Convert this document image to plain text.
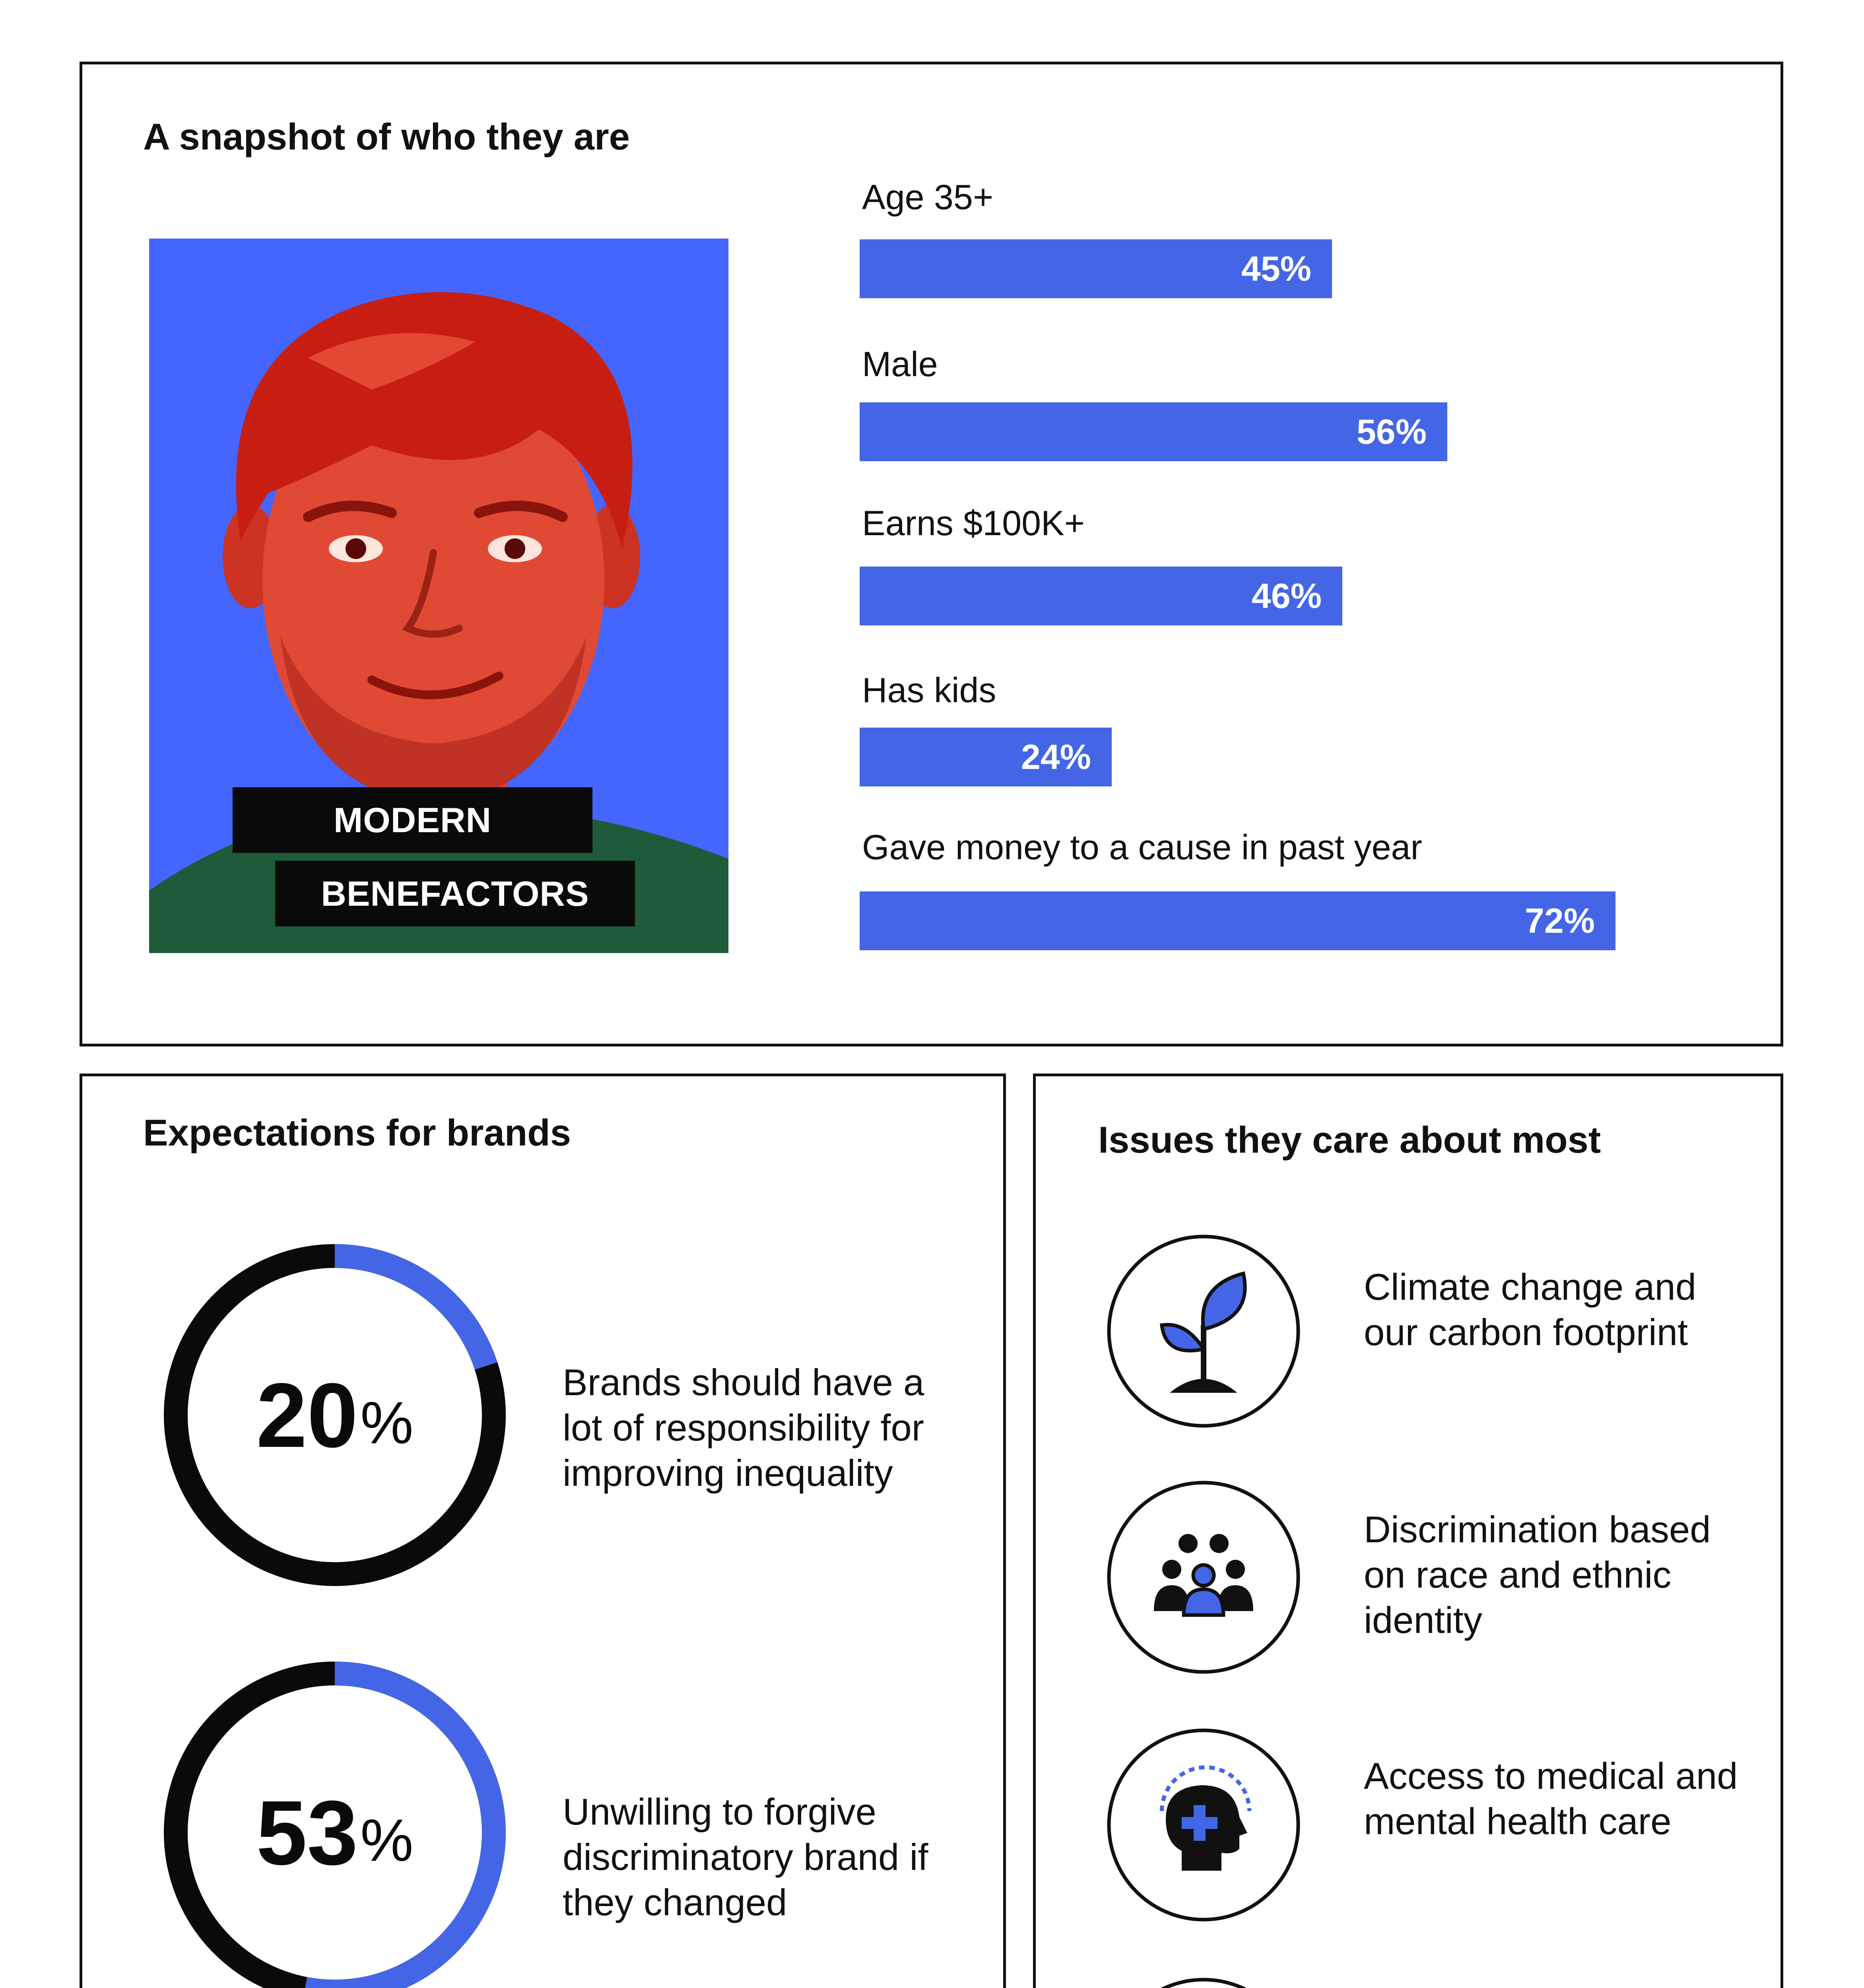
A snapshot of who they are
MODERN
BENEFACTORS
Age 35+
45%
Male
56%
Earns $100K+
46%
Has kids
24%
Gave money to a cause in past year
72%
Expectations for brands
20 %
Brands should have a lot of responsibility for improving inequality
53 %	Unwilling to forgive discriminatory brand if they changed
Issues they care about most
Climate change and our carbon footprint
Discrimination based on race and ethnic identity
Access to medical and mental health care
